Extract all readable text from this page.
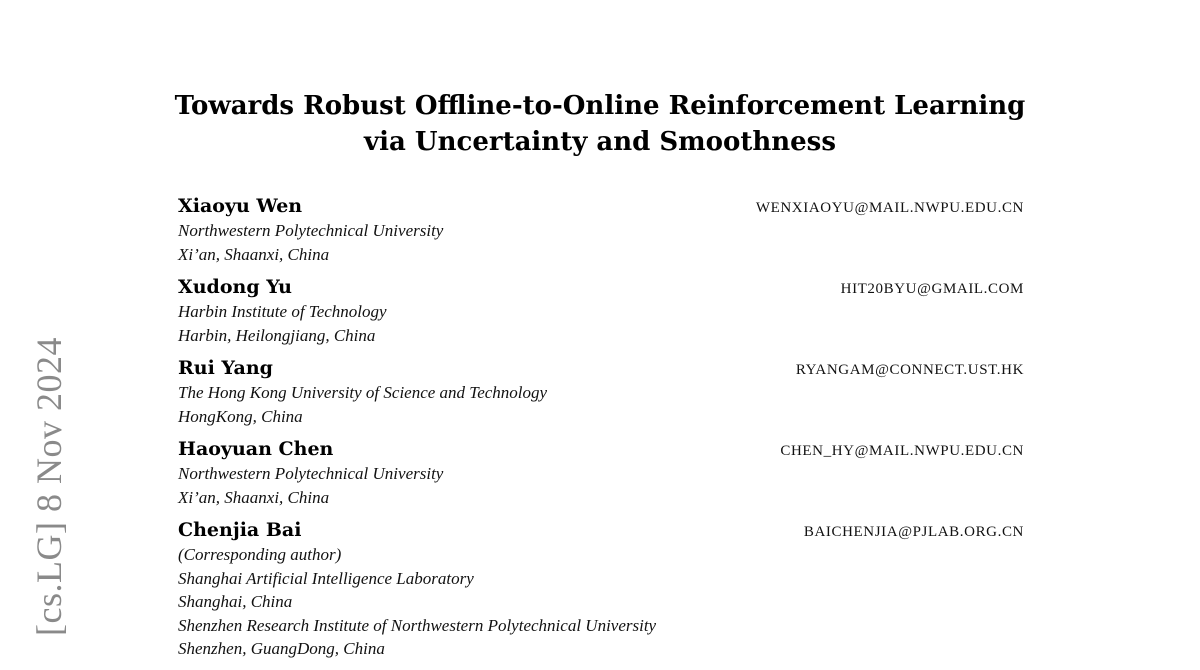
[cs.LG] 8 Nov 2024
Towards Robust Offline-to-Online Reinforcement Learning
via Uncertainty and Smoothness
Xiaoyu Wen	WENXIAOYU@MAIL.NWPU.EDU.CN
Northwestern Polytechnical University
Xi’an, Shaanxi, China
Xudong Yu	HIT20BYU@GMAIL.COM
Harbin Institute of Technology
Harbin, Heilongjiang, China
Rui Yang	RYANGAM@CONNECT.UST.HK
The Hong Kong University of Science and Technology
HongKong, China
Haoyuan Chen	CHEN_HY@MAIL.NWPU.EDU.CN
Northwestern Polytechnical University
Xi’an, Shaanxi, China
Chenjia Bai	BAICHENJIA@PJLAB.ORG.CN
(Corresponding author)
Shanghai Artificial Intelligence Laboratory
Shanghai, China
Shenzhen Research Institute of Northwestern Polytechnical University
Shenzhen, GuangDong, China
